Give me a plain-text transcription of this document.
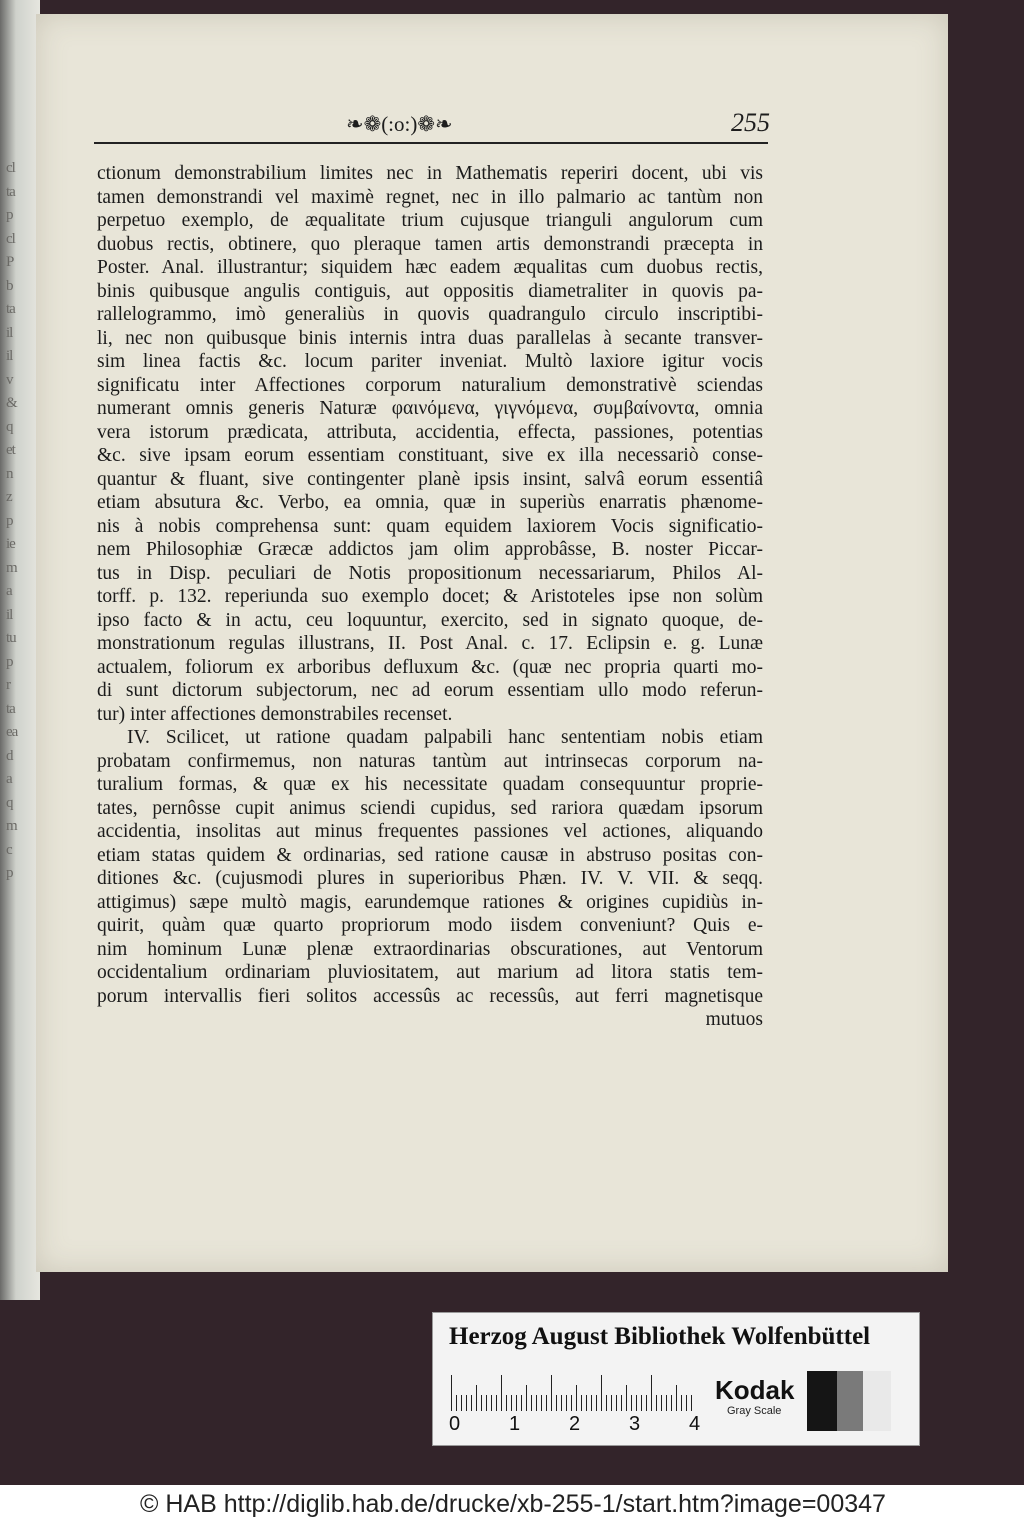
cl
ta
p
cl
P
b
ta
il
il
v
&
q
et
n
z
p
ie
m
a
il
tu
p
r
ta
ea
d
a
q
m
c
p
❧❁(:o:)❁❧	255
ctionum demonstrabilium limites nec in Mathematis reperiri docent, ubi vis
tamen demonstrandi vel maximè regnet, nec in illo palmario ac tantùm non
perpetuo exemplo, de æqualitate trium cujusque trianguli angulorum cum
duobus rectis, obtinere, quo pleraque tamen artis demonstrandi præcepta in
Poster. Anal. illustrantur; siquidem hæc eadem æqualitas cum duobus rectis,
binis quibusque angulis contiguis, aut oppositis diametraliter in quovis pa-
rallelogrammo, imò generaliùs in quovis quadrangulo circulo inscriptibi-
li, nec non quibusque binis internis intra duas parallelas à secante transver-
sim linea factis &c. locum pariter inveniat. Multò laxiore igitur vocis
significatu inter Affectiones corporum naturalium demonstrativè sciendas
numerant omnis generis Naturæ φαινόμενα, γιγνόμενα, συμβαίνοντα, omnia
vera istorum prædicata, attributa, accidentia, effecta, passiones, potentias
&c. sive ipsam eorum essentiam constituant, sive ex illa necessariò conse-
quantur & fluant, sive contingenter planè ipsis insint, salvâ eorum essentiâ
etiam absutura &c. Verbo, ea omnia, quæ in superiùs enarratis phænome-
nis à nobis comprehensa sunt: quam equidem laxiorem Vocis significatio-
nem Philosophiæ Græcæ addictos jam olim approbâsse, B. noster Piccar-
tus in Disp. peculiari de Notis propositionum necessariarum, Philos Al-
torff. p. 132. reperiunda suo exemplo docet; & Aristoteles ipse non solùm
ipso facto & in actu, ceu loquuntur, exercito, sed in signato quoque, de-
monstrationum regulas illustrans, II. Post Anal. c. 17. Eclipsin e. g. Lunæ
actualem, foliorum ex arboribus defluxum &c. (quæ nec propria quarti mo-
di sunt dictorum subjectorum, nec ad eorum essentiam ullo modo referun-
tur) inter affectiones demonstrabiles recenset.
IV. Scilicet, ut ratione quadam palpabili hanc sententiam nobis etiam
probatam confirmemus, non naturas tantùm aut intrinsecas corporum na-
turalium formas, & quæ ex his necessitate quadam consequuntur proprie-
tates, pernôsse cupit animus sciendi cupidus, sed rariora quædam ipsorum
accidentia, insolitas aut minus frequentes passiones vel actiones, aliquando
etiam statas quidem & ordinarias, sed ratione causæ in abstruso positas con-
ditiones &c. (cujusmodi plures in superioribus Phæn. IV. V. VII. & seqq.
attigimus) sæpe multò magis, earundemque rationes & origines cupidiùs in-
quirit, quàm quæ quarto propriorum modo iisdem conveniunt? Quis e-
nim hominum Lunæ plenæ extraordinarias obscurationes, aut Ventorum
occidentalium ordinariam pluviositatem, aut marium ad litora statis tem-
porum intervallis fieri solitos accessûs ac recessûs, aut ferri magnetisque
mutuos
Herzog August Bibliothek Wolfenbüttel
0 1 2 3 4
Kodak
Gray Scale
© HAB http://diglib.hab.de/drucke/xb-255-1/start.htm?image=00347
